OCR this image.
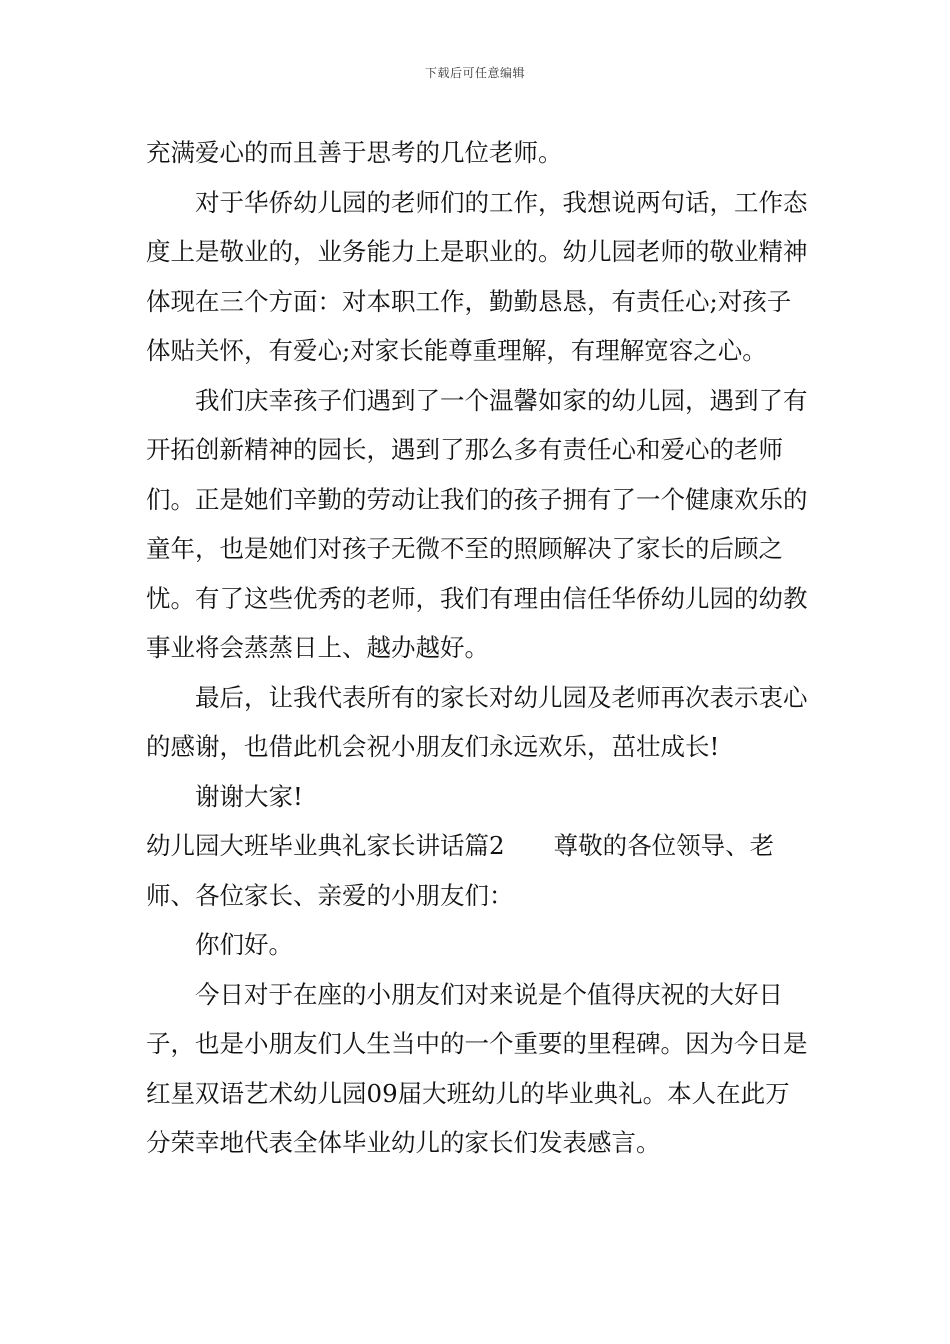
下载后可任意编辑

充满爱心的而且善于思考的几位老师。

对于华侨幼儿园的老师们的工作，我想说两句话，工作态度上是敬业的，业务能力上是职业的。幼儿园老师的敬业精神体现在三个方面：对本职工作，勤勤恳恳，有责任心;对孩子体贴关怀，有爱心;对家长能尊重理解，有理解宽容之心。

我们庆幸孩子们遇到了一个温馨如家的幼儿园，遇到了有开拓创新精神的园长，遇到了那么多有责任心和爱心的老师们。正是她们辛勤的劳动让我们的孩子拥有了一个健康欢乐的童年，也是她们对孩子无微不至的照顾解决了家长的后顾之忧。有了这些优秀的老师，我们有理由信任华侨幼儿园的幼教事业将会蒸蒸日上、越办越好。

最后，让我代表所有的家长对幼儿园及老师再次表示衷心的感谢，也借此机会祝小朋友们永远欢乐，茁壮成长!

谢谢大家!

幼儿园大班毕业典礼家长讲话篇2　　尊敬的各位领导、老师、各位家长、亲爱的小朋友们：

你们好。

今日对于在座的小朋友们对来说是个值得庆祝的大好日子，也是小朋友们人生当中的一个重要的里程碑。因为今日是红星双语艺术幼儿园09届大班幼儿的毕业典礼。本人在此万分荣幸地代表全体毕业幼儿的家长们发表感言。
